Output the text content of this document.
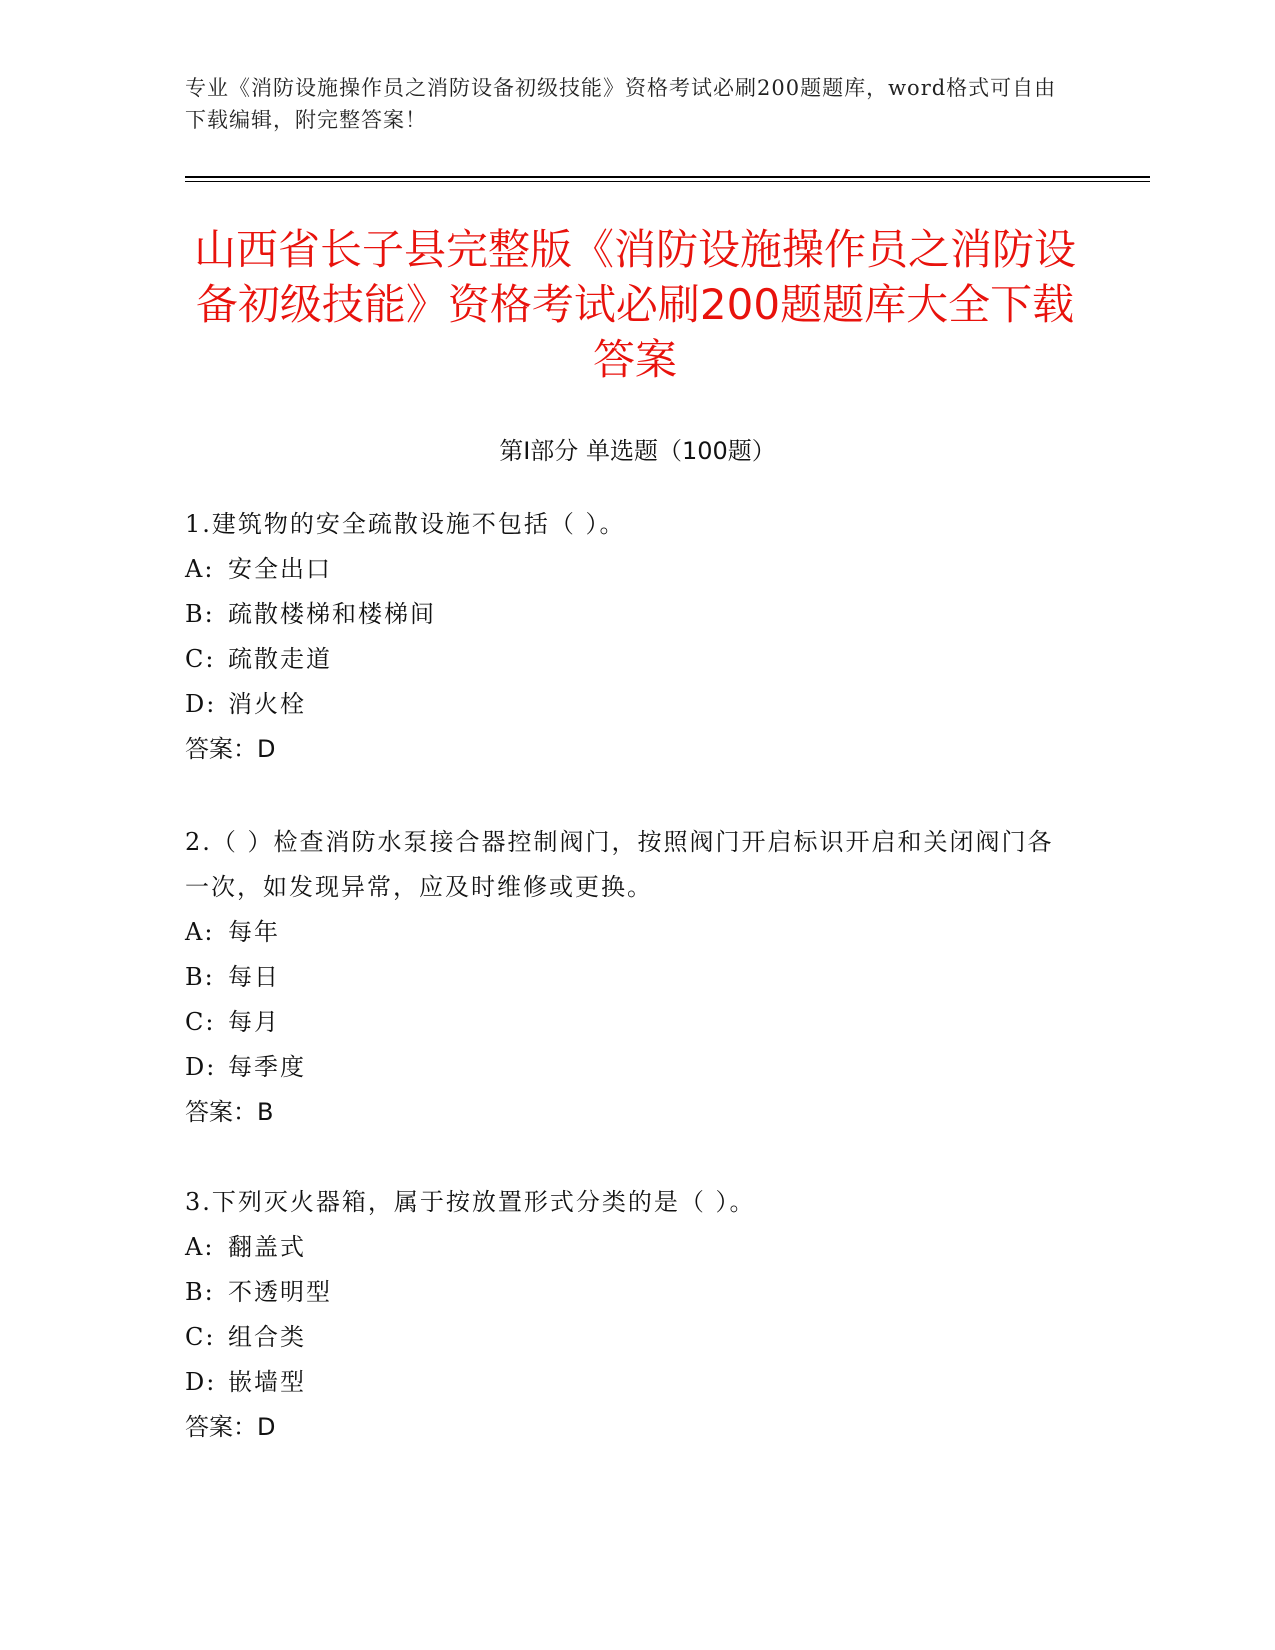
专业《消防设施操作员之消防设备初级技能》资格考试必刷200题题库，word格式可自由下载编辑，附完整答案！
山西省长子县完整版《消防设施操作员之消防设备初级技能》资格考试必刷200题题库大全下载答案
第Ⅰ部分 单选题（100题）

1.建筑物的安全疏散设施不包括（ ）。

A: 安全出口

B: 疏散楼梯和楼梯间

C: 疏散走道

D: 消火栓

答案：D

2.（ ）检查消防水泵接合器控制阀门，按照阀门开启标识开启和关闭阀门各一次，如发现异常，应及时维修或更换。

A: 每年

B: 每日

C: 每月

D: 每季度

答案：B

3.下列灭火器箱，属于按放置形式分类的是（ ）。

A: 翻盖式

B: 不透明型

C: 组合类

D: 嵌墙型

答案：D
